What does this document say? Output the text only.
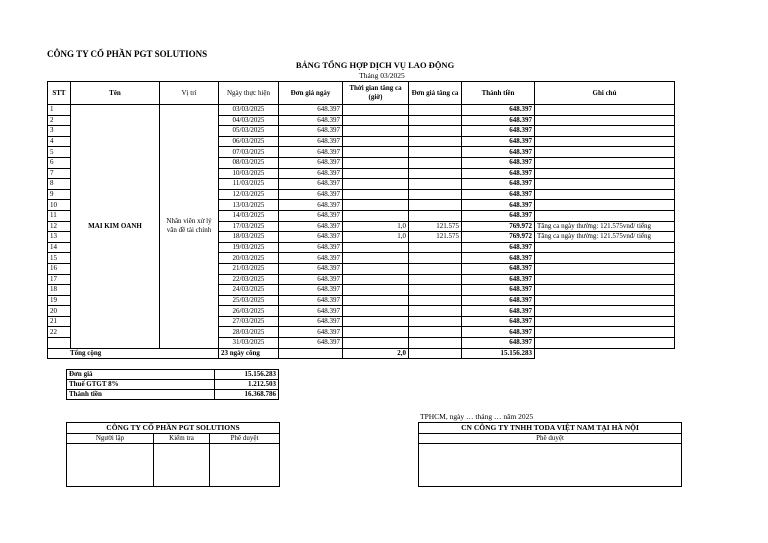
CÔNG TY CỔ PHẦN PGT SOLUTIONS
BẢNG TỔNG HỢP DỊCH VỤ LAO ĐỘNG
Tháng 03/2025
STT	Tên	Vị trí	Ngày thực hiện	Đơn giá ngày	Thời gian tăng ca (giờ)	Đơn giá tăng ca	Thành tiền	Ghi chú
1	MAI KIM OANH	Nhân viên xử lý văn đề tài chính	03/03/2025	648.397			648.397	
2			04/03/2025	648.397			648.397	
3			05/03/2025	648.397			648.397	
4			06/03/2025	648.397			648.397	
5			07/03/2025	648.397			648.397	
6			08/03/2025	648.397			648.397	
7			10/03/2025	648.397			648.397	
8			11/03/2025	648.397			648.397	
9			12/03/2025	648.397			648.397	
10			13/03/2025	648.397			648.397	
11			14/03/2025	648.397			648.397	
12			17/03/2025	648.397	1,0	121.575	769.972	Tăng ca ngày thường: 121.575vnđ/ tiếng
13			18/03/2025	648.397	1,0	121.575	769.972	Tăng ca ngày thường: 121.575vnđ/ tiếng
14			19/03/2025	648.397			648.397	
15			20/03/2025	648.397			648.397	
16			21/03/2025	648.397			648.397	
17			22/03/2025	648.397			648.397	
18			24/03/2025	648.397			648.397	
19			25/03/2025	648.397			648.397	
20			26/03/2025	648.397			648.397	
21			27/03/2025	648.397			648.397	
22			28/03/2025	648.397			648.397	
			31/03/2025	648.397			648.397	
Tổng cộng			23 ngày công		2,0		15.156.283	
Đơn giá	15.156.283
Thuế GTGT 8%	1.212.503
Thành tiền	16.368.786
TPHCM, ngày … tháng … năm 2025
CÔNG TY CỔ PHẦN PGT SOLUTIONS		
Người lập	Kiểm tra	Phê duyệt

CN CÔNG TY TNHH TODA VIỆT NAM TẠI HÀ NỘI
Phê duyệt
